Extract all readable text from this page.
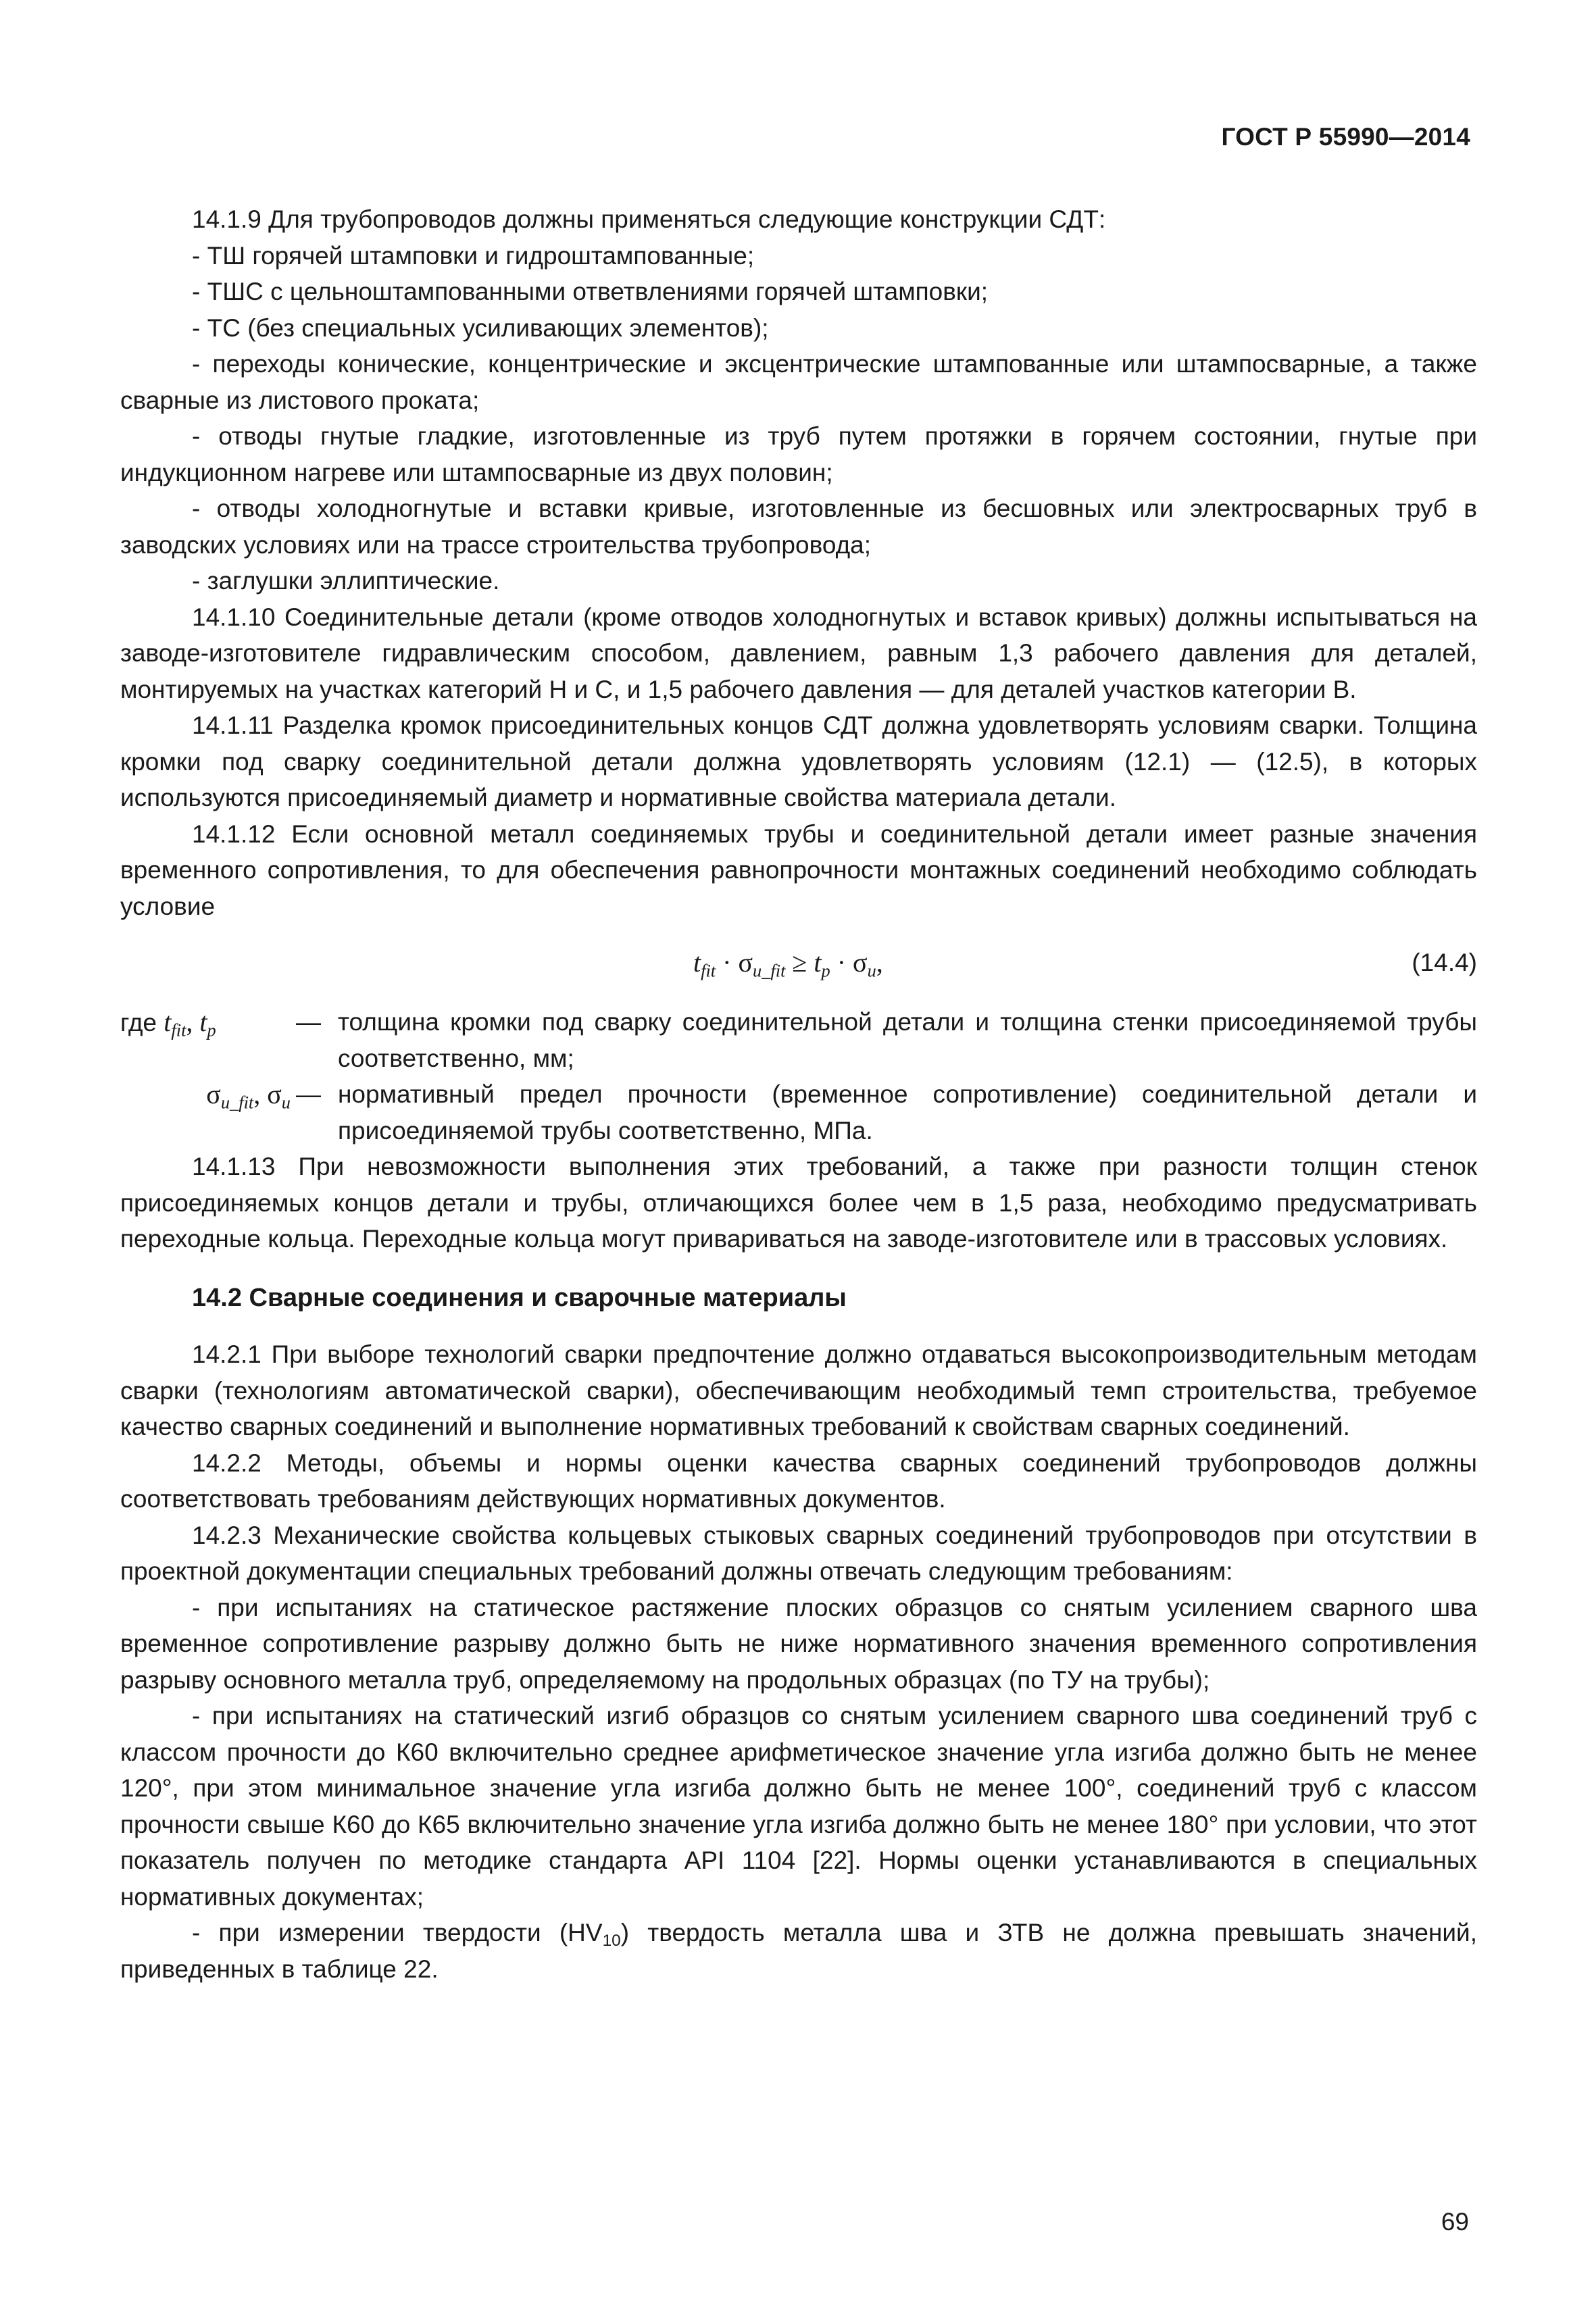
ГОСТ Р 55990—2014

14.1.9 Для трубопроводов должны применяться следующие конструкции СДТ:

- ТШ горячей штамповки и гидроштампованные;

- ТШС с цельноштампованными ответвлениями горячей штамповки;

- ТС (без специальных усиливающих элементов);

- переходы конические, концентрические и эксцентрические штампованные или штампосварные, а также сварные из листового проката;

- отводы гнутые гладкие, изготовленные из труб путем протяжки в горячем состоянии, гнутые при индукционном нагреве или штампосварные из двух половин;

- отводы холодногнутые и вставки кривые, изготовленные из бесшовных или электросварных труб в заводских условиях или на трассе строительства трубопровода;

- заглушки эллиптические.

14.1.10 Соединительные детали (кроме отводов холодногнутых и вставок кривых) должны испытываться на заводе-изготовителе гидравлическим способом, давлением, равным 1,3 рабочего давления для деталей, монтируемых на участках категорий Н и С, и 1,5 рабочего давления — для деталей участков категории В.

14.1.11 Разделка кромок присоединительных концов СДТ должна удовлетворять условиям сварки. Толщина кромки под сварку соединительной детали должна удовлетворять условиям (12.1) — (12.5), в которых используются присоединяемый диаметр и нормативные свойства материала детали.

14.1.12 Если основной металл соединяемых трубы и соединительной детали имеет разные значения временного сопротивления, то для обеспечения равнопрочности монтажных соединений необходимо соблюдать условие

$t_{fit} \cdot \sigma_{u\_fit} \ge t_p \cdot \sigma_u$,	(14.4)
где $t_{fit}$, $t_p$	— толщина кромки под сварку соединительной детали и толщина стенки присоединяемой трубы соответственно, мм;
$\sigma_{u\_fit}$, $\sigma_u$ — нормативный предел прочности (временное сопротивление) соединительной детали и присоединяемой трубы соответственно, МПа.

14.1.13 При невозможности выполнения этих требований, а также при разности толщин стенок присоединяемых концов детали и трубы, отличающихся более чем в 1,5 раза, необходимо предусматривать переходные кольца. Переходные кольца могут привариваться на заводе-изготовителе или в трассовых условиях.

14.2 Сварные соединения и сварочные материалы

14.2.1 При выборе технологий сварки предпочтение должно отдаваться высокопроизводительным методам сварки (технологиям автоматической сварки), обеспечивающим необходимый темп строительства, требуемое качество сварных соединений и выполнение нормативных требований к свойствам сварных соединений.

14.2.2 Методы, объемы и нормы оценки качества сварных соединений трубопроводов должны соответствовать требованиям действующих нормативных документов.

14.2.3 Механические свойства кольцевых стыковых сварных соединений трубопроводов при отсутствии в проектной документации специальных требований должны отвечать следующим требованиям:

- при испытаниях на статическое растяжение плоских образцов со снятым усилением сварного шва временное сопротивление разрыву должно быть не ниже нормативного значения временного сопротивления разрыву основного металла труб, определяемому на продольных образцах (по ТУ на трубы);

- при испытаниях на статический изгиб образцов со снятым усилением сварного шва соединений труб с классом прочности до К60 включительно среднее арифметическое значение угла изгиба должно быть не менее 120°, при этом минимальное значение угла изгиба должно быть не менее 100°, соединений труб с классом прочности свыше К60 до К65 включительно значение угла изгиба должно быть не менее 180° при условии, что этот показатель получен по методике стандарта API 1104 [22]. Нормы оценки устанавливаются в специальных нормативных документах;

- при измерении твердости $(HV_{10})$ твердость металла шва и ЗТВ не должна превышать значений, приведенных в таблице 22.

69
